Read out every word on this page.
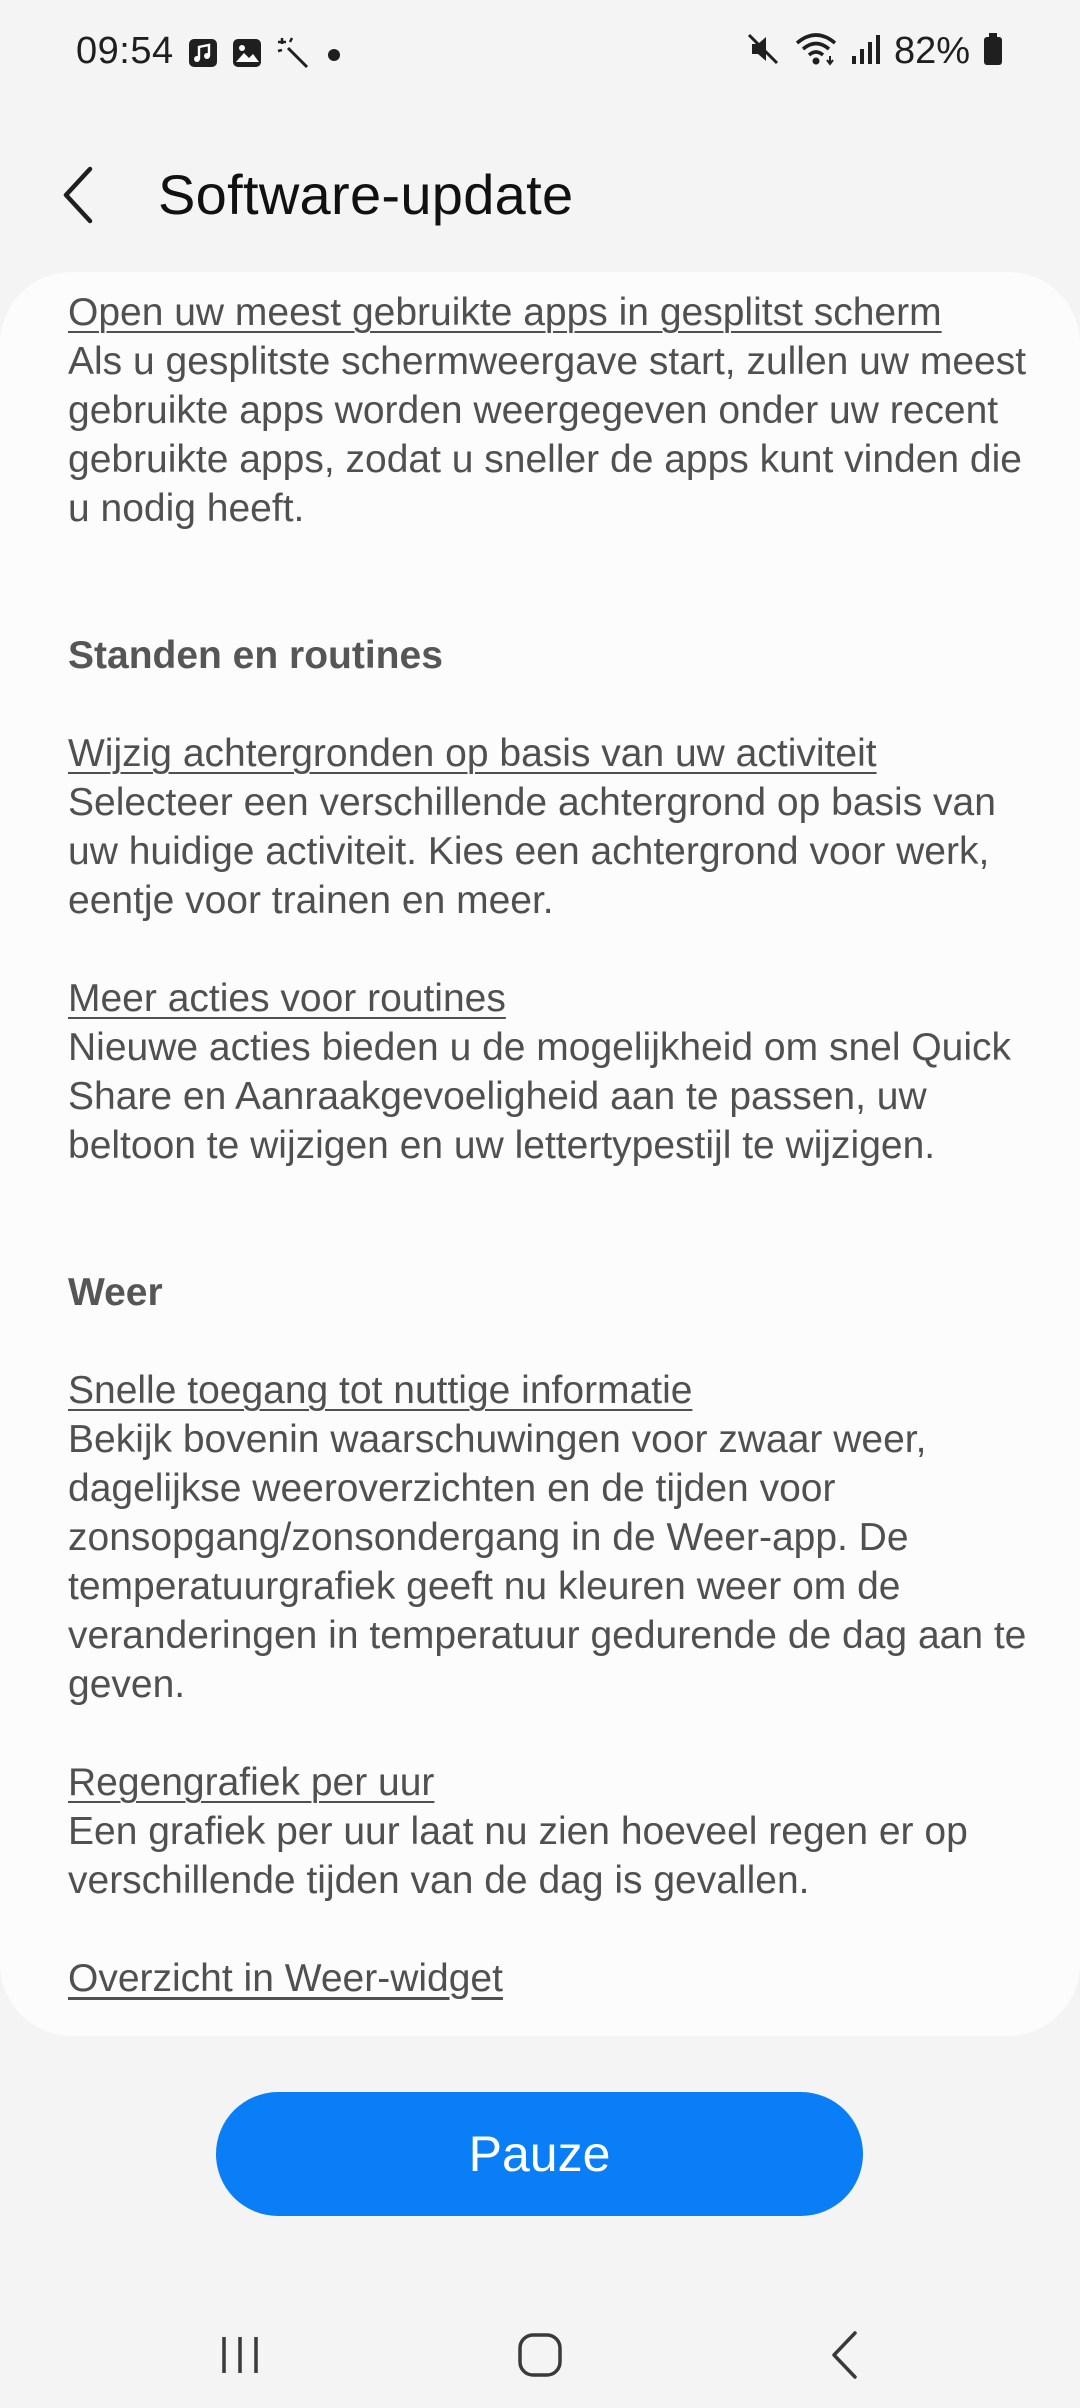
09:54	82%
Software-update

Open uw meest gebruikte apps in gesplitst scherm

Als u gesplitste schermweergave start, zullen uw meest gebruikte apps worden weergegeven onder uw recent gebruikte apps, zodat u sneller de apps kunt vinden die u nodig heeft.

Standen en routines

Wijzig achtergronden op basis van uw activiteit

Selecteer een verschillende achtergrond op basis van uw huidige activiteit. Kies een achtergrond voor werk, eentje voor trainen en meer.

Meer acties voor routines

Nieuwe acties bieden u de mogelijkheid om snel Quick Share en Aanraakgevoeligheid aan te passen, uw beltoon te wijzigen en uw lettertypestijl te wijzigen.

Weer

Snelle toegang tot nuttige informatie

Bekijk bovenin waarschuwingen voor zwaar weer, dagelijkse weeroverzichten en de tijden voor zonsopgang/zonsondergang in de Weer-app. De temperatuurgrafiek geeft nu kleuren weer om de veranderingen in temperatuur gedurende de dag aan te geven.

Regengrafiek per uur

Een grafiek per uur laat nu zien hoeveel regen er op verschillende tijden van de dag is gevallen.

Overzicht in Weer-widget

Pauze
